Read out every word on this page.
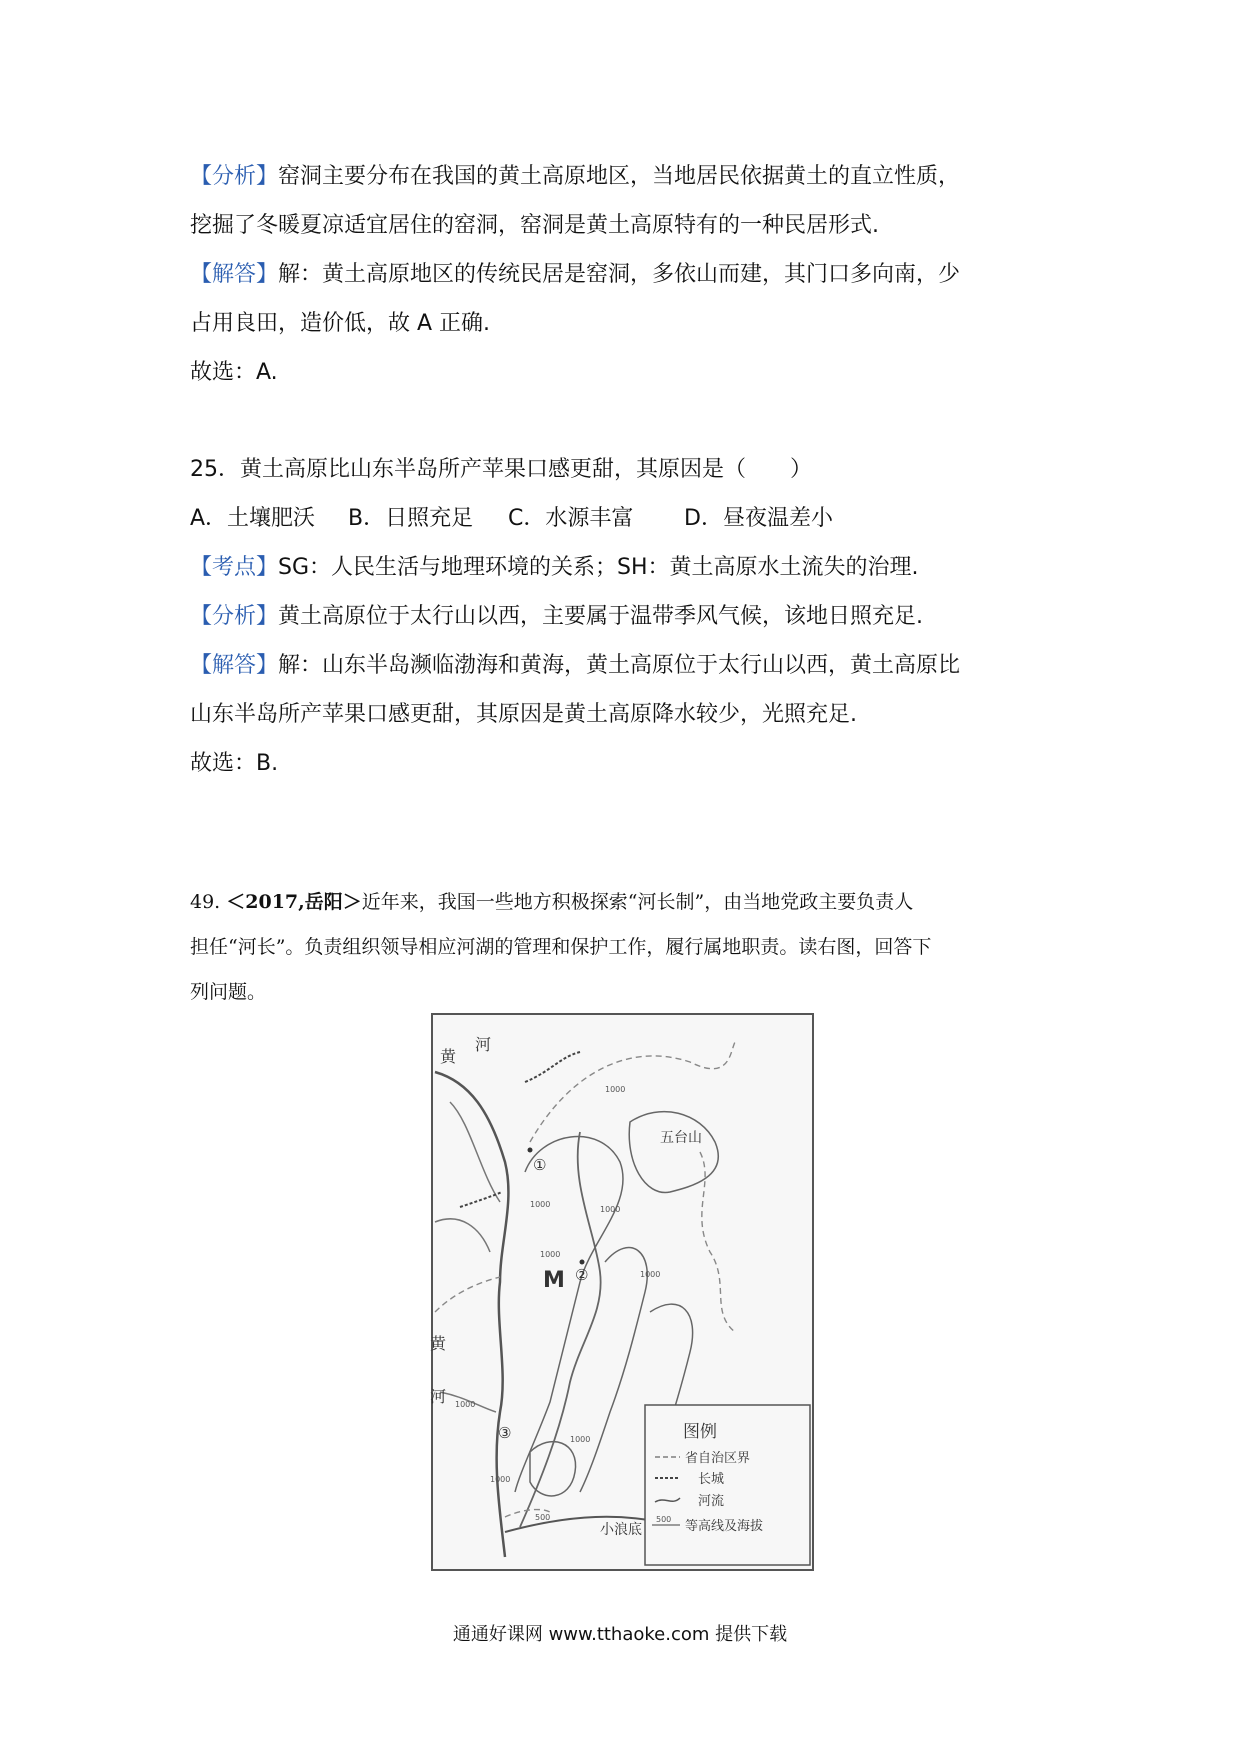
【分析】窑洞主要分布在我国的黄土高原地区，当地居民依据黄土的直立性质，
挖掘了冬暖夏凉适宜居住的窑洞，窑洞是黄土高原特有的一种民居形式.
【解答】解：黄土高原地区的传统民居是窑洞，多依山而建，其门口多向南，少
占用良田，造价低，故 A 正确.
故选：A.
25．黄土高原比山东半岛所产苹果口感更甜，其原因是（　　）
A．土壤肥沃 B．日照充足 C．水源丰富 D．昼夜温差小
【考点】SG：人民生活与地理环境的关系；SH：黄土高原水土流失的治理.
【分析】黄土高原位于太行山以西，主要属于温带季风气候，该地日照充足.
【解答】解：山东半岛濒临渤海和黄海，黄土高原位于太行山以西，黄土高原比
山东半岛所产苹果口感更甜，其原因是黄土高原降水较少，光照充足.
故选：B.
49. ＜2017,岳阳＞近年来，我国一些地方积极探索“河长制”，由当地党政主要负责人
担任“河长”。负责组织领导相应河湖的管理和保护工作，履行属地职责。读右图，回答下
列问题。
黄
河
黄
河
五台山
M
①
②
③
小浪底
1000
1000
1000
1000
1000
1000
1000
500
1000
图例
省自治区界
长城
河流
500 等高线及海拔
通通好课网 www.tthaoke.com 提供下载
